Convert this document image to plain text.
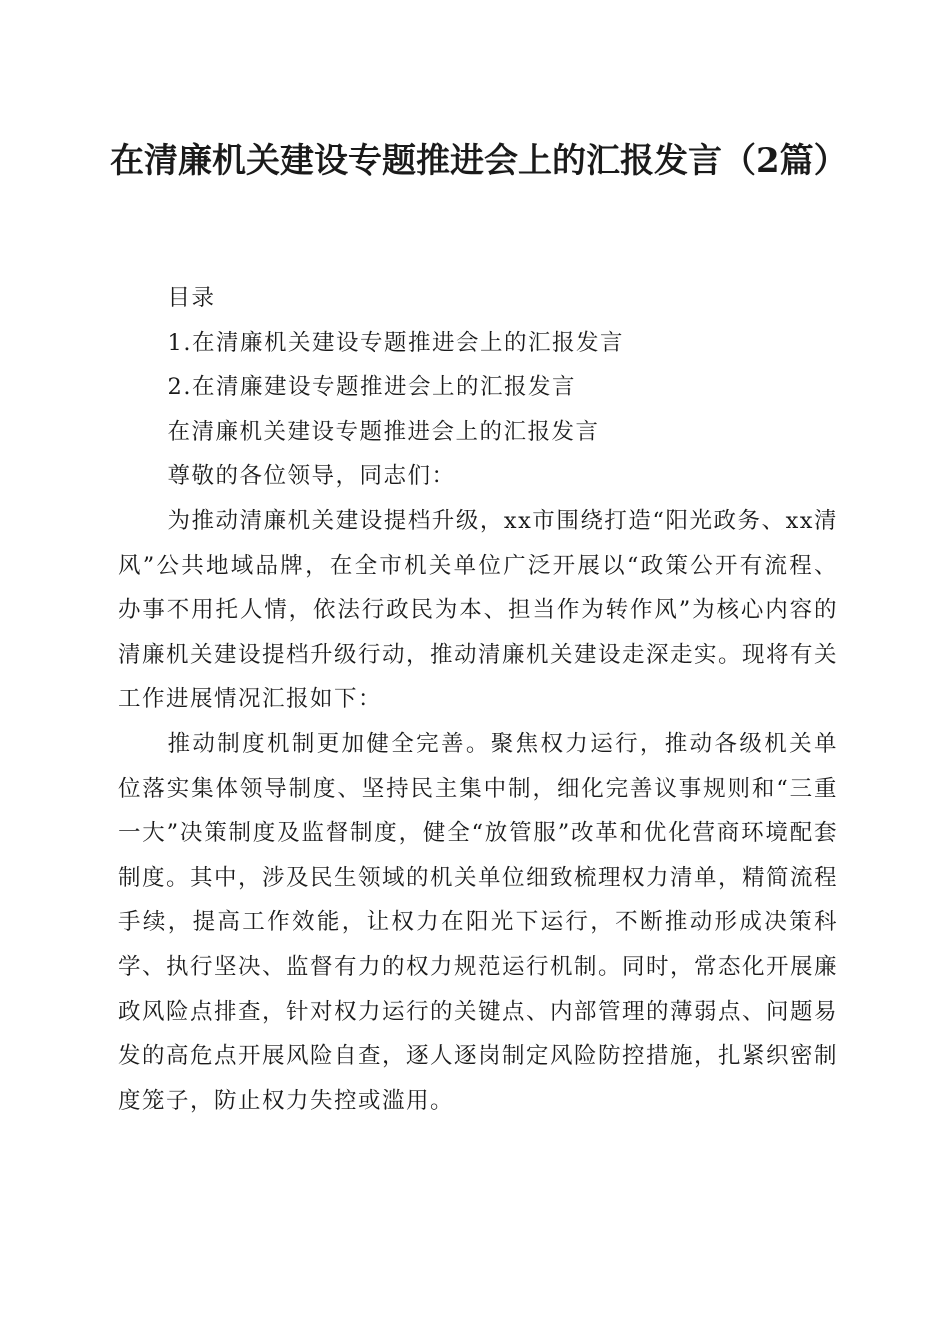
在清廉机关建设专题推进会上的汇报发言（2篇）

目录

1.在清廉机关建设专题推进会上的汇报发言

2.在清廉建设专题推进会上的汇报发言

在清廉机关建设专题推进会上的汇报发言

尊敬的各位领导，同志们：

为推动清廉机关建设提档升级，xx市围绕打造“阳光政务、xx清风”公共地域品牌，在全市机关单位广泛开展以“政策公开有流程、办事不用托人情，依法行政民为本、担当作为转作风”为核心内容的清廉机关建设提档升级行动，推动清廉机关建设走深走实。现将有关工作进展情况汇报如下：

推动制度机制更加健全完善。聚焦权力运行，推动各级机关单位落实集体领导制度、坚持民主集中制，细化完善议事规则和“三重一大”决策制度及监督制度，健全“放管服”改革和优化营商环境配套制度。其中，涉及民生领域的机关单位细致梳理权力清单，精简流程手续，提高工作效能，让权力在阳光下运行，不断推动形成决策科学、执行坚决、监督有力的权力规范运行机制。同时，常态化开展廉政风险点排查，针对权力运行的关键点、内部管理的薄弱点、问题易发的高危点开展风险自查，逐人逐岗制定风险防控措施，扎紧织密制度笼子，防止权力失控或滥用。
